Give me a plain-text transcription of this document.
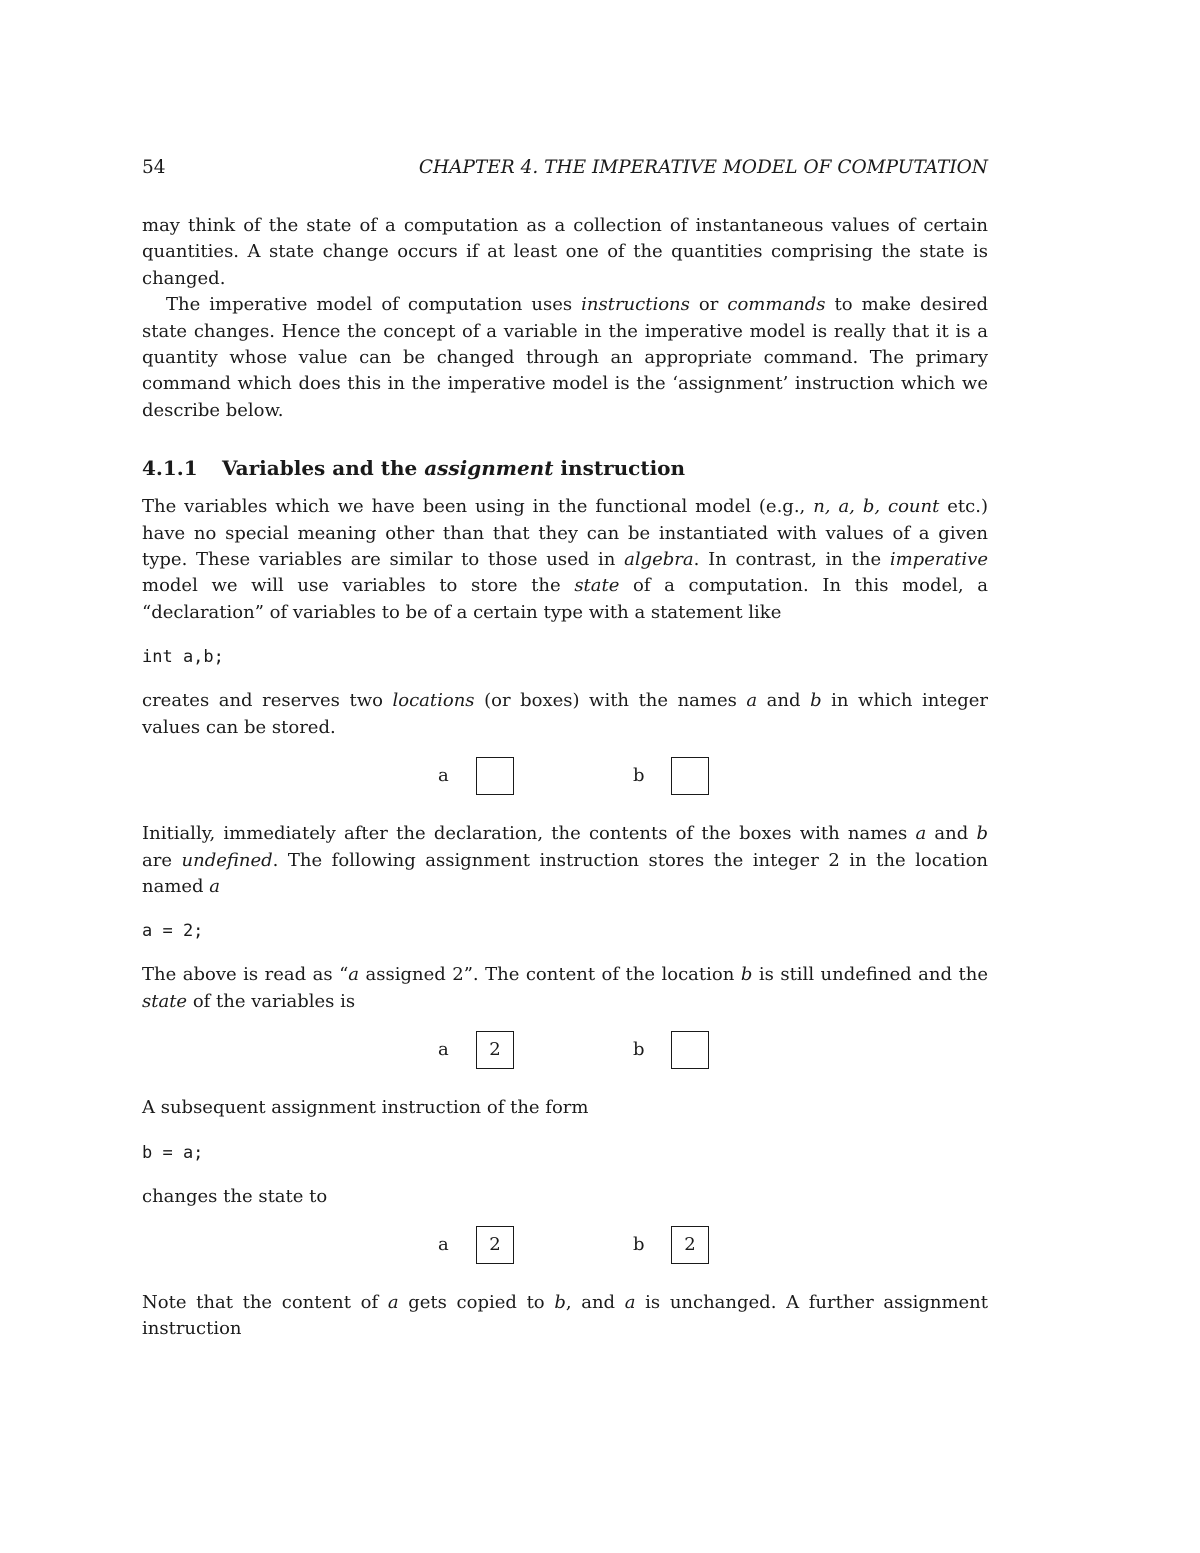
54	CHAPTER 4. THE IMPERATIVE MODEL OF COMPUTATION

may think of the state of a computation as a collection of instantaneous values of certain quantities. A state change occurs if at least one of the quantities comprising the state is changed.

The imperative model of computation uses instructions or commands to make desired state changes. Hence the concept of a variable in the imperative model is really that it is a quantity whose value can be changed through an appropriate command. The primary command which does this in the imperative model is the ‘assignment’ instruction which we describe below.

4.1.1 Variables and the assignment instruction

The variables which we have been using in the functional model (e.g., n, a, b, count etc.) have no special meaning other than that they can be instantiated with values of a given type. These variables are similar to those used in algebra. In contrast, in the imperative model we will use variables to store the state of a computation. In this model, a “declaration” of variables to be of a certain type with a statement like

int a,b;

creates and reserves two locations (or boxes) with the names a and b in which integer values can be stored.

a	b

Initially, immediately after the declaration, the contents of the boxes with names a and b are undefined. The following assignment instruction stores the integer 2 in the location named a

a = 2;

The above is read as “a assigned 2”. The content of the location b is still undefined and the state of the variables is

a	2	b

A subsequent assignment instruction of the form

b = a;

changes the state to

a	2	b	2

Note that the content of a gets copied to b, and a is unchanged. A further assignment instruction
